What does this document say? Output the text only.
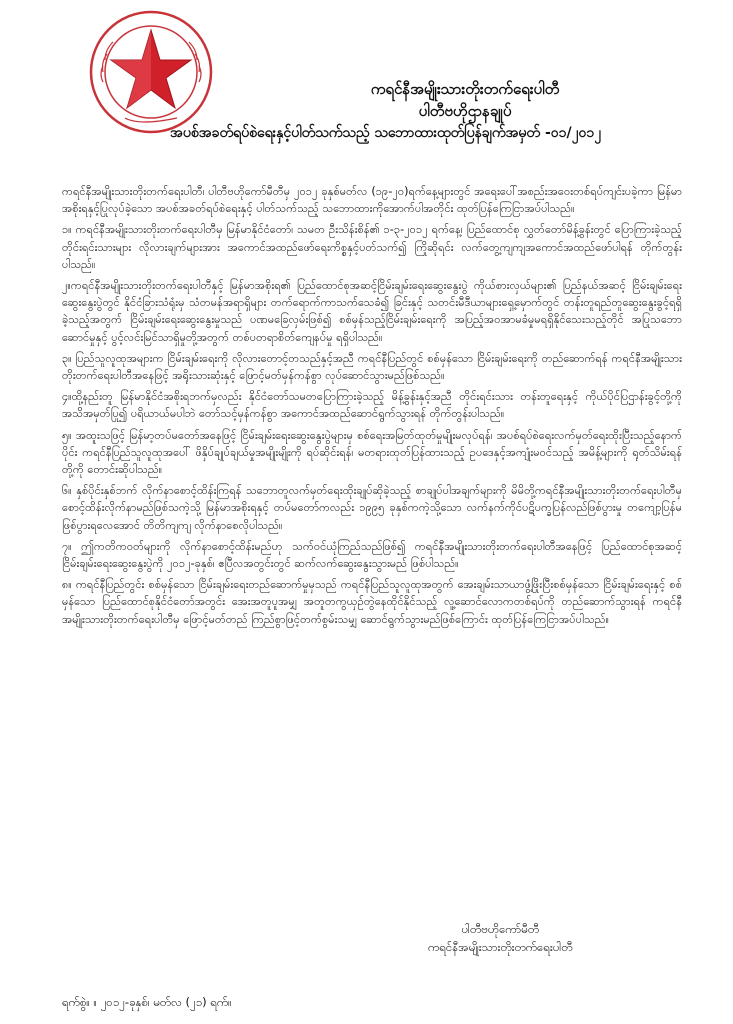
ကရင်နီအမျိုးသားတိုးတက်ရေးပါတီ
ပါတီဗဟိုဌာနချုပ်
အပစ်အခတ်ရပ်စဲရေးနှင့်ပါတ်သက်သည့် သဘောထားထုတ်ပြန်ချက်အမှတ် -၀၁/၂၀၁၂

ကရင်နီအမျိုးသားတိုးတက်ရေးပါတီ၊ ပါတီဗဟိုကော်မီတီမှ ၂၀၁၂ ခုနှစ်မတ်လ (၁၉-၂၀)ရက်နေ့များတွင် အရေးပေါ်အစည်းအဝေးတစ်ရပ်ကျင်းပခဲ့ကာ မြန်မာအစိုးရနှင့်ပြုလုပ်ခဲ့သော အပစ်အခတ်ရပ်စဲရေးနှင့် ပါတ်သက်သည့် သဘောထားကိုအောက်ပါအတိုင်း ထုတ်ပြန်ကြေငြာအပ်ပါသည်။

၁။ ကရင်နီအမျိုးသားတိုးတက်ရေးပါတီမှ မြန်မာနိုင်ငံတော်၊ သမတ ဦးသိန်းစိန်၏ ၁-၃-၂၀၁၂ ရက်နေ့၊ ပြည်ထောင်စု လွှတ်တော်မိန့်ခွန်းတွင် ပြောကြားခဲ့သည့် တိုင်းရင်းသားများ လိုလားချက်များအား အကောင်အထည်ဖော်ရေးကိစ္စနှင့်ပတ်သက်၍ ကြိုဆိုရင်း လက်တွေ့ကျကျအကောင်အထည်ဖော်ပါရန် တိုက်တွန်းပါသည်။

၂။ကရင်နီအမျိုးသားတိုးတက်ရေးပါတီနှင့် မြန်မာအစိုးရ၏ ပြည်ထောင်စုအဆင့်ငြိမ်းချမ်းရေးဆွေးနွေးပွဲ ကိုယ်စားလှယ်များ၏ ပြည်နယ်အဆင့် ငြိမ်းချမ်းရေးဆွေးနွေးပွဲတွင် နိုင်ငံခြားသံရုံးမှ သံတမန်အရာရှိများ တက်ရောက်ကာသက်သေခံ၍ ခြင်းနှင့် သတင်းမီဒီယာများရှေ့မှောက်တွင် တန်းတူရည်တူဆွေးနွေးခွင့်ရရှိခဲ့သည့်အတွက် ငြိမ်းချမ်းရေးဆွေးနွေးမှုသည် ပဏမခြေလှမ်းဖြစ်၍ စစ်မှန်သည့်ငြိမ်းချမ်းရေးကို အပြည့်အဝအာမခံမှုမရရှိနိုင်သေးသည့်တိုင် အပြုသဘောဆောင်မှုနှင့် ပွင့်လင်းမြင်သာရှိမှုတို့အတွက် တစ်ပတရာစိတ်ကျေနပ်မှု ရရှိပါသည်။

၃။ ပြည်သူလူထုအများက ငြိမ်းချမ်းရေးကို လိုလားတောင့်တသည်နှင့်အညီ ကရင်နီပြည်တွင် စစ်မှန်သော ငြိမ်းချမ်းရေးကို တည်ဆောက်ရန် ကရင်နီအမျိုးသားတိုးတက်ရေးပါတီအနေဖြင့် အရိုးသားဆုံးနှင့် ဖြောင့်မတ်မှန်ကန်စွာ လုပ်ဆောင်သွားမည်ဖြစ်သည်။

၄။ထို့နည်းတူ မြန်မာနိုင်ငံအစိုးရဘက်မှလည်း နိုင်ငံတော်သမတပြောကြားခဲ့သည့် မိန့်ခွန်းနှင့်အညီ တိုင်းရင်းသား တန်းတူရေးနှင့် ကိုယ်ပိုင်ပြဌာန်းခွင့်တို့ကို အသိအမှတ်ပြု၍ ပရိယာယ်မပါဘဲ တော်သင့်မှန်ကန်စွာ အကောင်အထည်ဆောင်ရွက်သွားရန် တိုက်တွန်းပါသည်။

၅။ အထူးသဖြင့် မြန်မာ့တပ်မတော်အနေဖြင့် ငြိမ်းချမ်းရေးဆွေးနွေးပွဲများမှ စစ်ရေးအမြတ်ထုတ်မှုမျိုးမလုပ်ရန်၊ အပစ်ရပ်စဲရေးလက်မှတ်ရေးထိုးပြီးသည့်နောက်ပိုင်း ကရင်နီပြည်သူလူထုအပေါ် ဖိနှိပ်ချုပ်ချယ်မှုအမျိုးမျိုးကို ရပ်ဆိုင်းရန်၊ မတရားထုတ်ပြန်ထားသည့် ဥပဒေနှင့်အကျုံးမဝင်သည့် အမိန့်များကို ရုတ်သိမ်းရန်တို့ကို တောင်းဆိုပါသည်။

၆။ နှစ်ပိုင်းနှစ်ဘက် လိုက်နာစောင့်ထိန်းကြရန် သဘောတူလက်မှတ်ရေးထိုးချုပ်ဆိုခဲ့သည့် စာချုပ်ပါအချက်များကို မိမိတို့ကရင်နီအမျိုးသားတိုးတက်ရေးပါတီမှ စောင့်ထိန်းလိုက်နာမည်ဖြစ်သကဲ့သို့ မြန်မာအစိုးရနှင့် တပ်မတော်ကလည်း ၁၉၉၅ ခုနှစ်ကကဲ့သို့သော လက်နက်ကိုင်ပဋိပက္ခပြန်လည်ဖြစ်ပွားမှု တကျော့ပြန်မဖြစ်ပွားရလေအောင် တိတိကျကျ လိုက်နာစေလိုပါသည်။

၇။ ဤကတိကဝတ်များကို လိုက်နာစောင့်ထိန်းမည်ဟု သက်ဝင်ယုံကြည်သည်ဖြစ်၍ ကရင်နီအမျိုးသားတိုးတက်ရေးပါတီအနေဖြင့် ပြည်ထောင်စုအဆင့် ငြိမ်းချမ်းရေးဆွေးနွေးပွဲကို ၂၀၁၂-ခုနှစ်၊ ဧပြီလအတွင်းတွင် ဆက်လက်ဆွေးနွေးသွားမည် ဖြစ်ပါသည်။

၈။ ကရင်နီပြည်တွင်း စစ်မှန်သော ငြိမ်းချမ်းရေးတည်ဆောက်မှုမှသည် ကရင်နီပြည်သူလူထုအတွက် အေးချမ်းသာယာဖွံ့ဖြိုးပြီးစစ်မှန်သော ငြိမ်းချမ်းရေးနှင့် စစ်မှန်သော ပြည်ထောင်စုနိုင်ငံတော်အတွင်း အေးအတူပူအမျှ အတူတကွယှဉ်တွဲနေထိုင်နိုင်သည့် လူ့ဆောင်လောကတစ်ရပ်ကို တည်ဆောက်သွားရန် ကရင်နီအမျိုးသားတိုးတက်ရေးပါတီမှ ဖြောင့်မတ်တည် ကြည်စွာဖြင့်တက်စွမ်းသမျှ ဆောင်ရွက်သွားမည်ဖြစ်ကြောင်း ထုတ်ပြန်ကြေငြာအပ်ပါသည်။

ပါတီဗဟိုကော်မီတီ
ကရင်နီအမျိုးသားတိုးတက်ရေးပါတီ
ရက်စွဲ။ ။ ၂၀၁၂-ခုနှစ်၊ မတ်လ (၂၁) ရက်။
